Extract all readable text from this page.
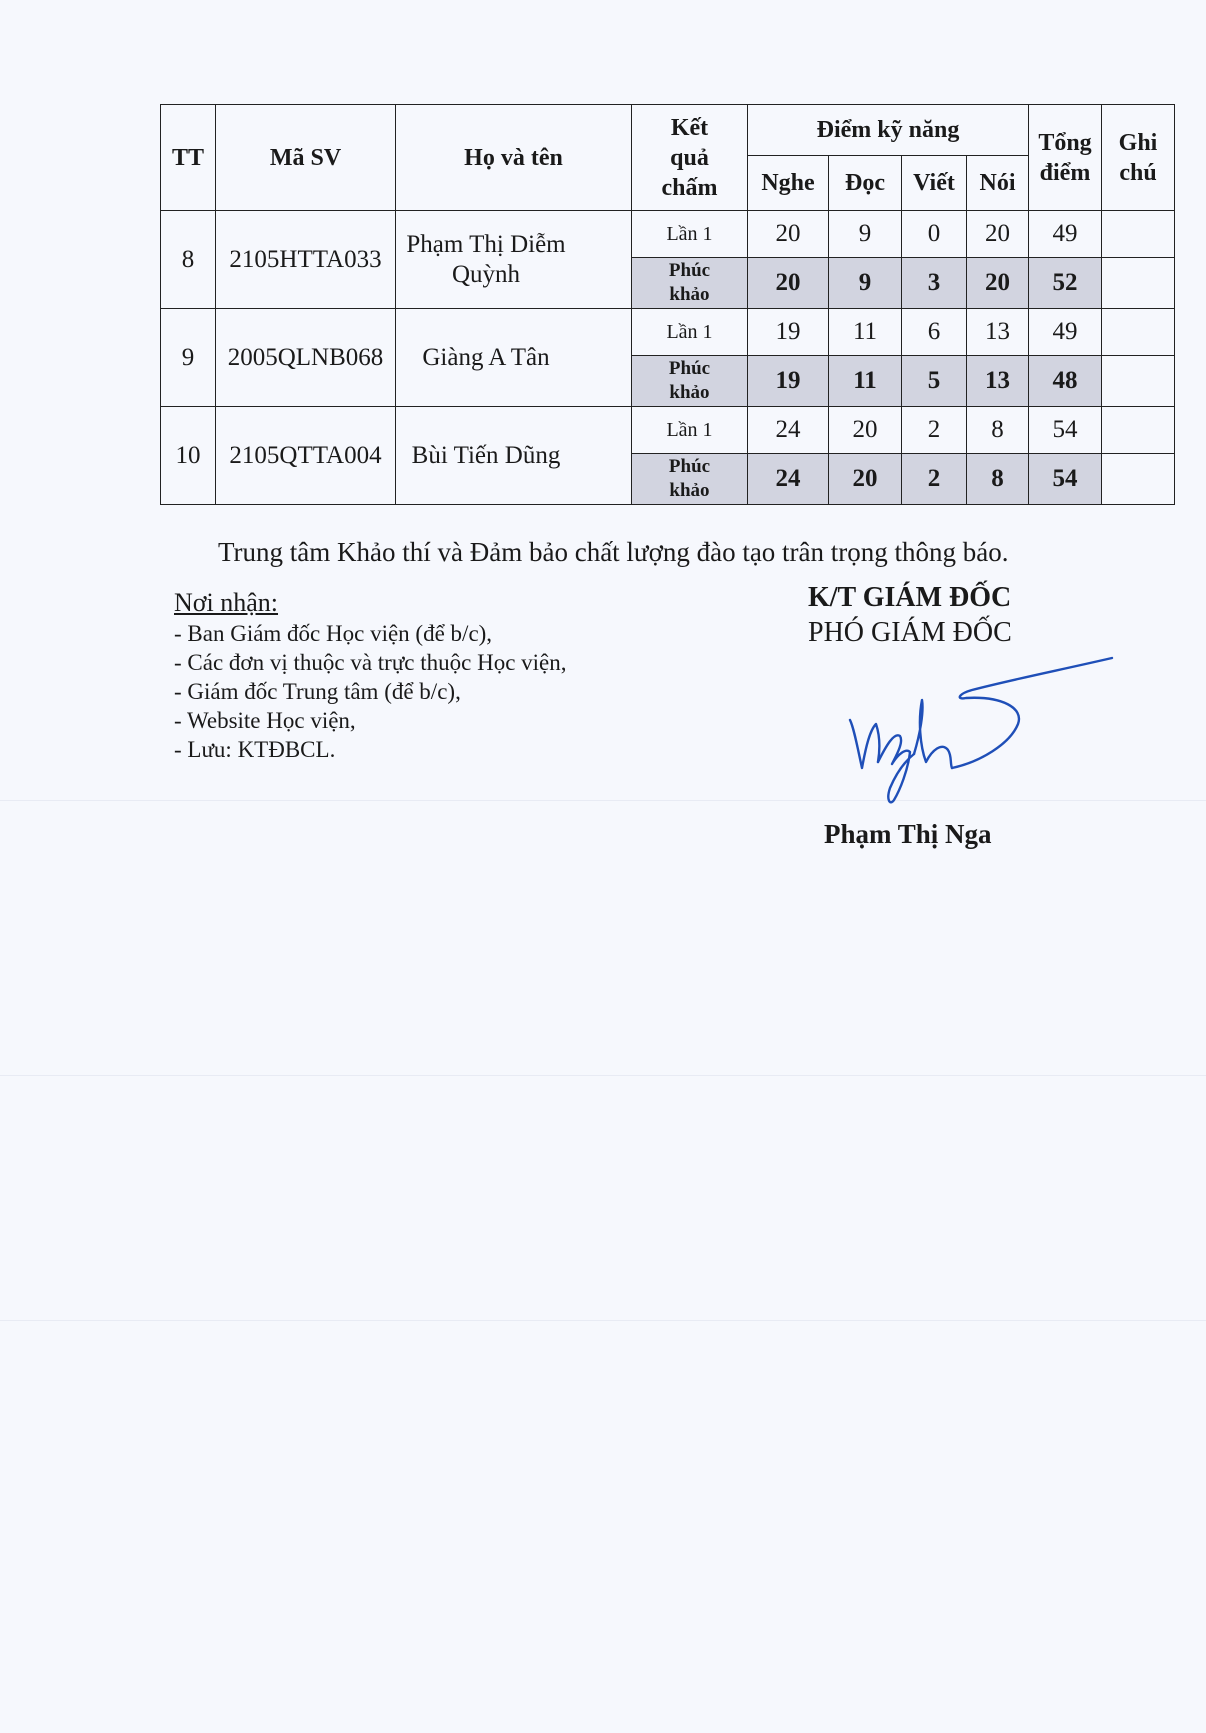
TT	Mã SV	Họ và tên	Kết quả chấm	Điểm kỹ năng				Tổng điểm	Ghi chú

				Nghe	Đọc	Viết	Nói		
8	2105HTTA033	Phạm Thị Diễm Quỳnh	Lần 1	20	9	0	20	49	

			Phúc khảo	20	9	3	20	52	
9	2005QLNB068	Giàng A Tân	Lần 1	19	11	6	13	49	

			Phúc khảo	19	11	5	13	48	
10	2105QTTA004	Bùi Tiến Dũng	Lần 1	24	20	2	8	54	

			Phúc khảo	24	20	2	8	54	
Trung tâm Khảo thí và Đảm bảo chất lượng đào tạo trân trọng thông báo.
Nơi nhận:
- Ban Giám đốc Học viện (để b/c),
- Các đơn vị thuộc và trực thuộc Học viện,
- Giám đốc Trung tâm (để b/c),
- Website Học viện,
- Lưu: KTĐBCL.
K/T GIÁM ĐỐC
PHÓ GIÁM ĐỐC
Phạm Thị Nga
